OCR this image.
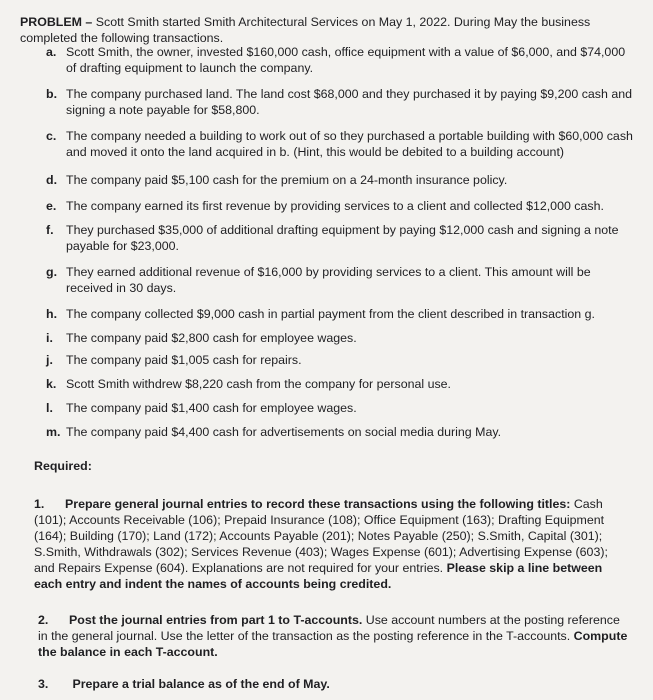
PROBLEM – Scott Smith started Smith Architectural Services on May 1, 2022. During May the business completed the following transactions.
a. Scott Smith, the owner, invested $160,000 cash, office equipment with a value of $6,000, and $74,000 of drafting equipment to launch the company.
b. The company purchased land. The land cost $68,000 and they purchased it by paying $9,200 cash and signing a note payable for $58,800.
c. The company needed a building to work out of so they purchased a portable building with $60,000 cash and moved it onto the land acquired in b. (Hint, this would be debited to a building account)
d. The company paid $5,100 cash for the premium on a 24-month insurance policy.
e. The company earned its first revenue by providing services to a client and collected $12,000 cash.
f. They purchased $35,000 of additional drafting equipment by paying $12,000 cash and signing a note payable for $23,000.
g. They earned additional revenue of $16,000 by providing services to a client. This amount will be received in 30 days.
h. The company collected $9,000 cash in partial payment from the client described in transaction g.
i. The company paid $2,800 cash for employee wages.
j. The company paid $1,005 cash for repairs.
k. Scott Smith withdrew $8,220 cash from the company for personal use.
l. The company paid $1,400 cash for employee wages.
m. The company paid $4,400 cash for advertisements on social media during May.
Required:
1. Prepare general journal entries to record these transactions using the following titles: Cash (101); Accounts Receivable (106); Prepaid Insurance (108); Office Equipment (163); Drafting Equipment (164); Building (170); Land (172); Accounts Payable (201); Notes Payable (250); S.Smith, Capital (301); S.Smith, Withdrawals (302); Services Revenue (403); Wages Expense (601); Advertising Expense (603); and Repairs Expense (604). Explanations are not required for your entries. Please skip a line between each entry and indent the names of accounts being credited.
2. Post the journal entries from part 1 to T-accounts. Use account numbers at the posting reference in the general journal. Use the letter of the transaction as the posting reference in the T-accounts. Compute the balance in each T-account.
3. Prepare a trial balance as of the end of May.
